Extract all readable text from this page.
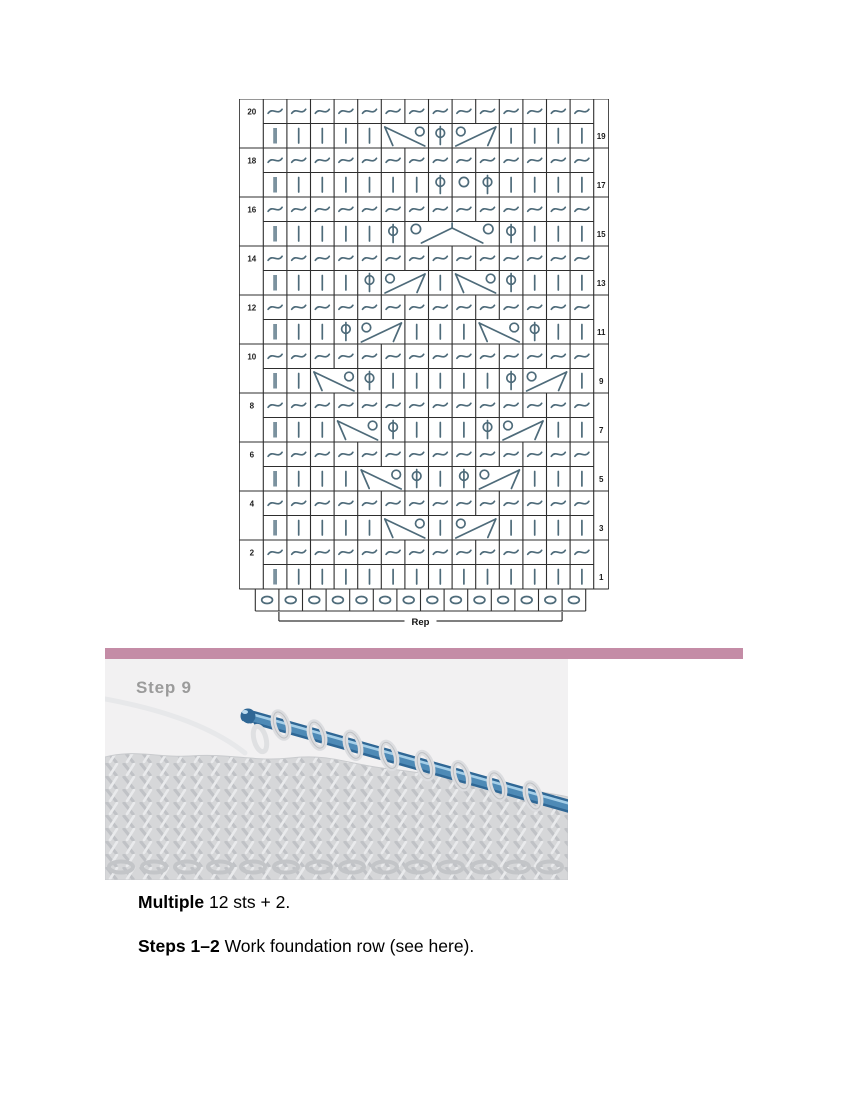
20
19
18
17
16
15
14
13
12
11
10
9
8
7
6
5
4
3
2
1
Rep
Step 9

Multiple 12 sts + 2.

Steps 1–2 Work foundation row (see here).
